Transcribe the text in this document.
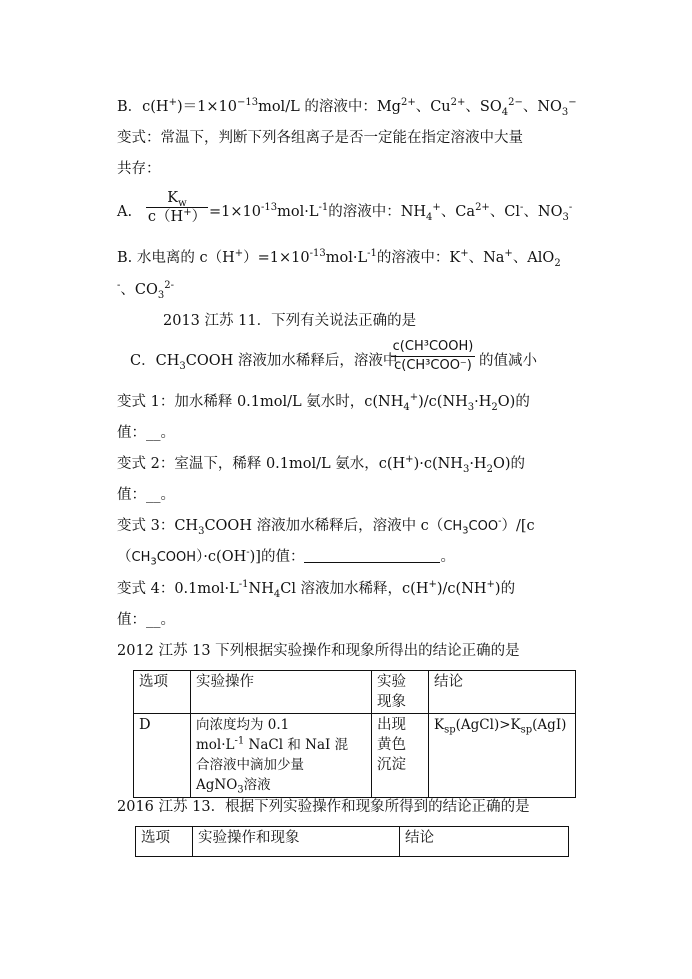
B．$c(H^+)=1\times 10^{-13}mol/L$ 的溶液中：$Mg^{2+}$、$Cu^{2+}$、$SO_4^{2-}$、$NO_3^-$
变式：常温下，判断下列各组离子是否一定能在指定溶液中大量
共存：
A.
$K_w$
$c(H^+) =1\times 10^{-13}mol\cdot L^{-1}$的溶液中：$NH_4^+$、$Ca^{2+}$、Cl-、$NO_3^-$
B. 水电离的 $c(H^+)=1\times 10^{-13}mol\cdot L^{-1}$的溶液中：K+、Na+、AlO$_2$
-、$CO_3^{2-}$
2013 江苏 11．下列有关说法正确的是
C．$CH_3COOH$ 溶液加水稀释后，溶液中
c(CH³COOH)
c(CH³COO⁻) 的值减小
变式 1：加水稀释 0.1mol/L 氨水时，$c(NH_4^+)/c(NH_3\cdot H_2O)$的
值：__。
变式 2：室温下，稀释 0.1mol/L 氨水，$c(H^+)\cdot c(NH_3\cdot H_2O)$的
值：__。
变式 3：$CH_3COOH$ 溶液加水稀释后，溶液中 $c(CH_3COO^-)/[c$
$(CH_3COOH)\cdot c(OH^-)$]的值：	。
变式 4：$0.1mol\cdot L^{-1}NH_4Cl$ 溶液加水稀释，c(H+)/c(NH+)的
值：__。
2012 江苏 13 下列根据实验操作和现象所得出的结论正确的是
选项	实验操作	实验现象	结论
D	向浓度均为 0.1
$mol\cdot L^{-1}$ NaCl 和 NaI 混
合溶液中滴加少量
AgNO$_3$溶液	出现黄色沉淀	$K_{sp}(AgCl)>K_{sp}(AgI)$
2016 江苏 13．根据下列实验操作和现象所得到的结论正确的是
选项	实验操作和现象	结论
